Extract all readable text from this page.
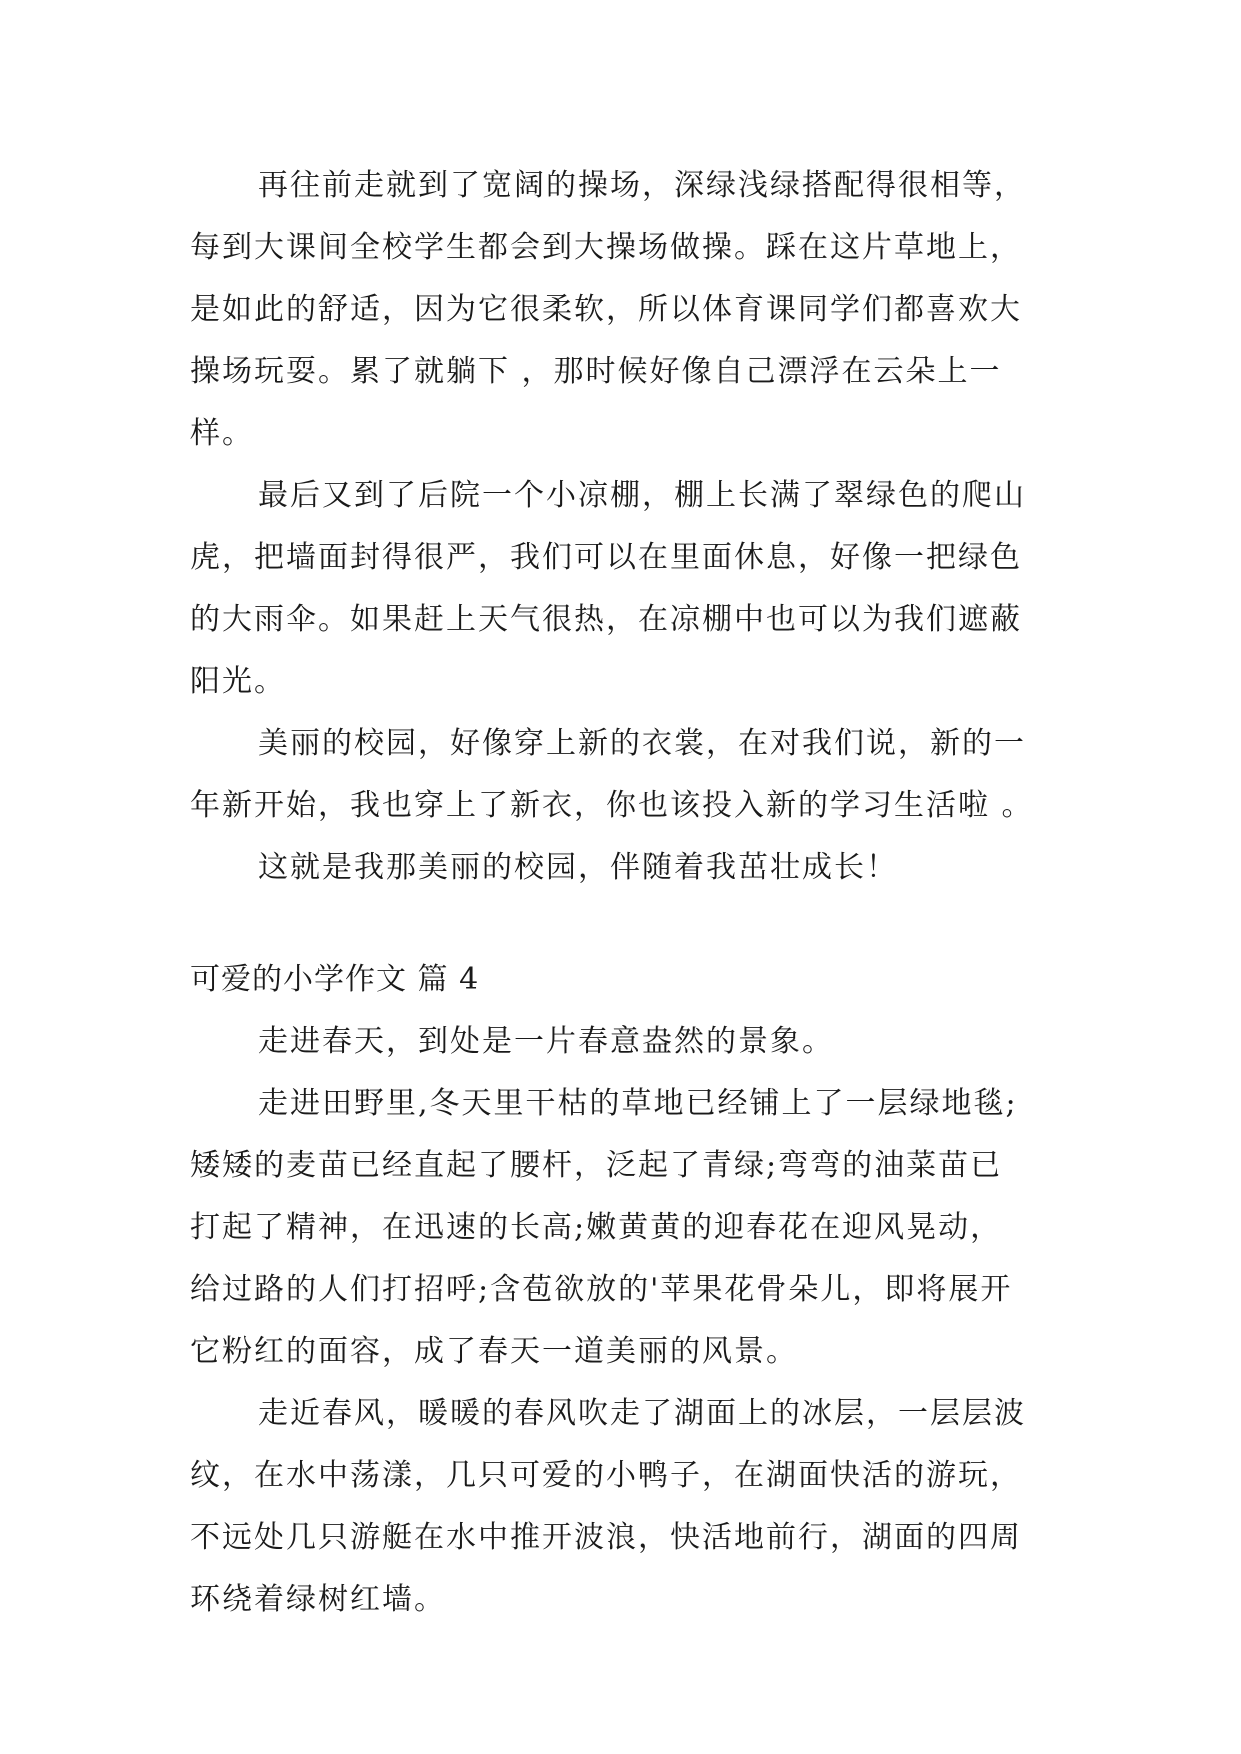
再往前走就到了宽阔的操场，深绿浅绿搭配得很相等，
每到大课间全校学生都会到大操场做操。踩在这片草地上，
是如此的舒适，因为它很柔软，所以体育课同学们都喜欢大
操场玩耍。累了就躺下 ，那时候好像自己漂浮在云朵上一
样。
最后又到了后院一个小凉棚，棚上长满了翠绿色的爬山
虎，把墙面封得很严，我们可以在里面休息，好像一把绿色
的大雨伞。如果赶上天气很热，在凉棚中也可以为我们遮蔽
阳光。
美丽的校园，好像穿上新的衣裳，在对我们说，新的一
年新开始，我也穿上了新衣，你也该投入新的学习生活啦 。
这就是我那美丽的校园，伴随着我茁壮成长！
可爱的小学作文 篇 4
走进春天，到处是一片春意盎然的景象。
走进田野里,冬天里干枯的草地已经铺上了一层绿地毯;
矮矮的麦苗已经直起了腰杆，泛起了青绿;弯弯的油菜苗已
打起了精神，在迅速的长高;嫩黄黄的迎春花在迎风晃动，
给过路的人们打招呼;含苞欲放的'苹果花骨朵儿，即将展开
它粉红的面容，成了春天一道美丽的风景。
走近春风，暖暖的春风吹走了湖面上的冰层，一层层波
纹，在水中荡漾，几只可爱的小鸭子，在湖面快活的游玩，
不远处几只游艇在水中推开波浪，快活地前行，湖面的四周
环绕着绿树红墙。
